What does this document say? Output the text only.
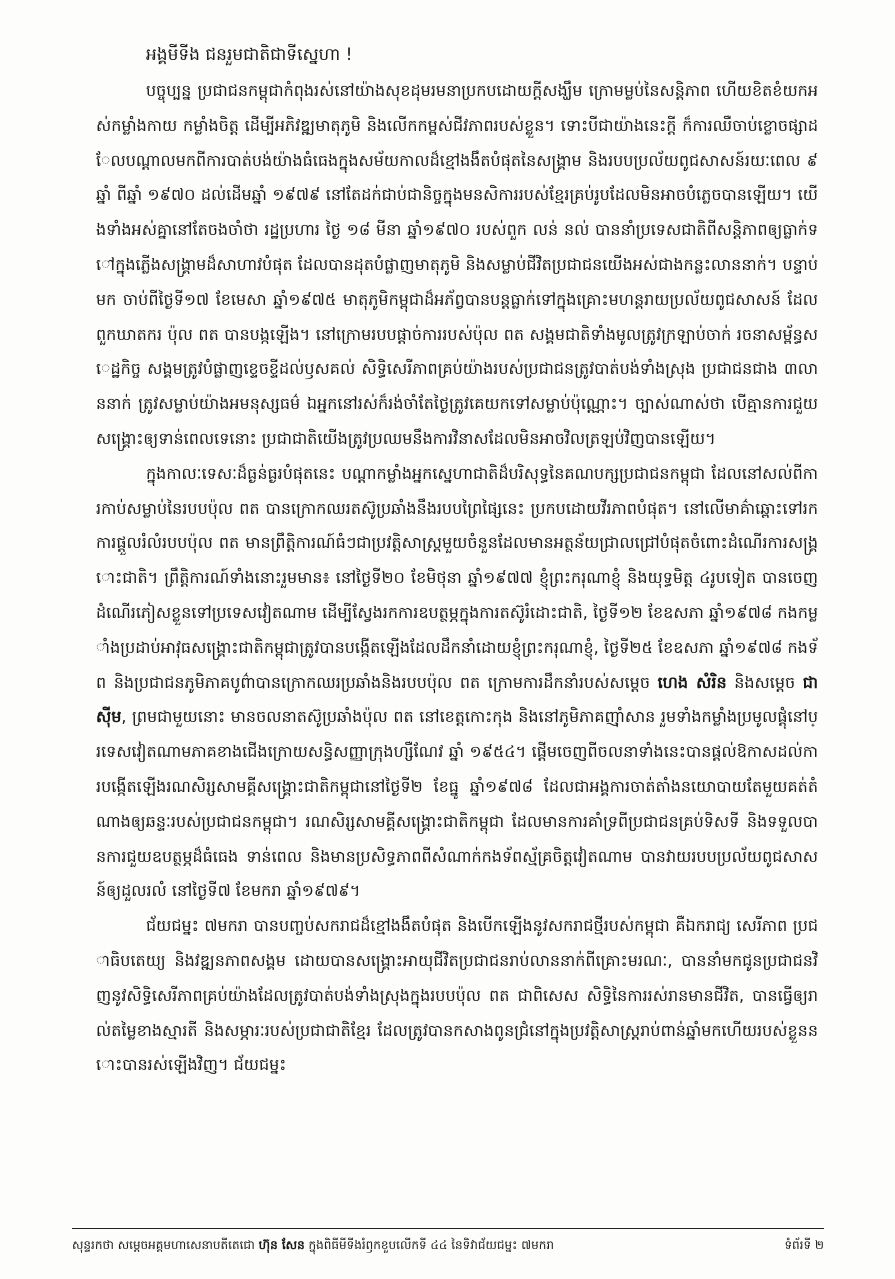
អង្គមីទីង ជនរួមជាតិជាទីស្នេហា !

បច្ចុប្បន្ន ប្រជាជនកម្ពុជាកំពុងរស់នៅយ៉ាងសុខដុមរមនាប្រកបដោយក្ដីសង្ឃឹម ក្រោមម្លប់នៃសន្តិភាព ហើយខិតខំយកអស់កម្លាំងកាយ កម្លាំងចិត្ត ដើម្បីអភិវឌ្ឍមាតុភូមិ និងលើកកម្ពស់ជីវភាពរបស់ខ្លួន។ ទោះបីជាយ៉ាងនេះក្តី ក៏ការឈឺចាប់ខ្លោចផ្សាដែលបណ្ដាលមកពីការបាត់បង់យ៉ាងធំធេងក្នុងសម័យកាលដ៏ខ្មៅងងឹតបំផុតនៃសង្គ្រាម និងរបបប្រល័យពូជសាសន៍រយៈពេល ៩ឆ្នាំ ពីឆ្នាំ ១៩៧០ ដល់ដើមឆ្នាំ ១៩៧៩ នៅតែដក់ជាប់ជានិច្ចក្នុងមនសិការរបស់ខ្មែរគ្រប់រូបដែលមិនអាចបំភ្លេចបានឡើយ។ យើងទាំងអស់គ្នានៅតែចងចាំថា រដ្ឋប្រហារ ថ្ងៃ ១៨ មីនា ឆ្នាំ១៩៧០ របស់ពួក លន់ នល់ បាននាំប្រទេសជាតិពីសន្តិភាពឲ្យធ្លាក់ទៅក្នុងភ្លើងសង្គ្រាមដ៏សាហាវបំផុត ដែលបានដុតបំផ្លាញមាតុភូមិ និងសម្លាប់ជីវិតប្រជាជនយើងអស់ជាងកន្លះលាននាក់។ បន្ទាប់មក ចាប់ពីថ្ងៃទី១៧ ខែមេសា ឆ្នាំ១៩៧៥ មាតុភូមិកម្ពុជាដ៏អភ័ព្វបានបន្តធ្លាក់ទៅក្នុងគ្រោះមហន្តរាយប្រល័យពូជសាសន៍ ដែលពួកឃាតករ ប៉ុល ពត បានបង្កឡើង។ នៅក្រោមរបបផ្ដាច់ការរបស់ប៉ុល ពត សង្គមជាតិទាំងមូលត្រូវក្រឡាប់ចាក់ រចនាសម្ព័ន្ធសេដ្ឋកិច្ច សង្គមត្រូវបំផ្លាញខ្ទេចខ្ទីដល់ឫសគល់ សិទ្ធិសេរីភាពគ្រប់យ៉ាងរបស់ប្រជាជនត្រូវបាត់បង់ទាំងស្រុង ប្រជាជនជាង ៣លាននាក់ ត្រូវសម្លាប់យ៉ាងអមនុស្សធម៌ ឯអ្នកនៅរស់ក៏រង់ចាំតែថ្ងៃត្រូវគេយកទៅសម្លាប់ប៉ុណ្ណោះ។ ច្បាស់ណាស់ថា បើគ្មានការជួយសង្គ្រោះឲ្យទាន់ពេលទេនោះ ប្រជាជាតិយើងត្រូវប្រឈមនឹងការវិនាសដែលមិនអាចវិលត្រឡប់វិញបានឡើយ។

ក្នុងកាលៈទេសៈដ៏ធ្ងន់ធ្ងរបំផុតនេះ បណ្ដាកម្លាំងអ្នកស្នេហាជាតិដ៏បរិសុទ្ធនៃគណបក្សប្រជាជនកម្ពុជា ដែលនៅសល់ពីការកាប់សម្លាប់នៃរបបប៉ុល ពត បានក្រោកឈរតស៊ូប្រឆាំងនឹងរបបព្រៃផ្សៃនេះ ប្រកបដោយវីរភាពបំផុត។ នៅលើមាគ៌ាឆ្ពោះទៅរកការផ្ដួលរំលំរបបប៉ុល ពត មានព្រឹត្តិការណ៍ធំៗជាប្រវត្តិសាស្ត្រមួយចំនួនដែលមានអត្ថន័យជ្រាលជ្រៅបំផុតចំពោះដំណើរការសង្គ្រោះជាតិ។ ព្រឹត្តិការណ៍ទាំងនោះរួមមាន៖ នៅថ្ងៃទី២០ ខែមិថុនា ឆ្នាំ១៩៧៧ ខ្ញុំព្រះករុណាខ្ញុំ និងយុទ្ធមិត្ត ៤រូបទៀត បានចេញដំណើរភៀសខ្លួនទៅប្រទេសវៀតណាម ដើម្បីស្វែងរកការឧបត្ថម្ភក្នុងការតស៊ូរំដោះជាតិ, ថ្ងៃទី១២ ខែឧសភា ឆ្នាំ១៩៧៨ កងកម្លាំងប្រដាប់អាវុធសង្គ្រោះជាតិកម្ពុជាត្រូវបានបង្កើតឡើងដែលដឹកនាំដោយខ្ញុំព្រះករុណាខ្ញុំ, ថ្ងៃទី២៥ ខែឧសភា ឆ្នាំ១៩៧៨ កងទ័ព និងប្រជាជនភូមិភាគបូព៌ាបានក្រោកឈរប្រឆាំងនិងរបបប៉ុល ពត ក្រោមការដឹកនាំរបស់សម្ដេច ហេង សំរិន និងសម្ដេច ជា ស៊ីម, ព្រមជាមួយនោះ មានចលនាតស៊ូប្រឆាំងប៉ុល ពត នៅខេត្តកោះកុង និងនៅភូមិភាគញ៉ាំសាន រួមទាំងកម្លាំងប្រមូលផ្ដុំនៅប្រទេសវៀតណាមភាគខាងជើងក្រោយសន្ធិសញ្ញាក្រុងហ្សឺណែវ ឆ្នាំ ១៩៥៤។ ផ្ដើមចេញពីចលនាទាំងនេះបានផ្ដល់ឱកាសដល់ការបង្កើតឡើងរណសិរ្សសាមគ្គីសង្គ្រោះជាតិកម្ពុជានៅថ្ងៃទី២ ខែធ្នូ ឆ្នាំ១៩៧៨ ដែលជាអង្គការចាត់តាំងនយោបាយតែមួយគត់តំណាងឲ្យឆន្ទៈរបស់ប្រជាជនកម្ពុជា។ រណសិរ្សសាមគ្គីសង្គ្រោះជាតិកម្ពុជា ដែលមានការគាំទ្រពីប្រជាជនគ្រប់ទិសទី និងទទួលបានការជួយឧបត្ថម្ភដ៏ធំធេង ទាន់ពេល និងមានប្រសិទ្ធភាពពីសំណាក់កងទ័ពស្ម័គ្រចិត្តវៀតណាម បានវាយរបបប្រល័យពូជសាសន៍ឲ្យដួលរលំ នៅថ្ងៃទី៧ ខែមករា ឆ្នាំ១៩៧៩។

ជ័យជម្នះ ៧មករា បានបញ្ចប់សករាជដ៏ខ្មៅងងឹតបំផុត និងបើកឡើងនូវសករាជថ្មីរបស់កម្ពុជា គឺឯករាជ្យ សេរីភាព ប្រជាធិបតេយ្យ និងវឌ្ឍនភាពសង្គម ដោយបានសង្គ្រោះអាយុជីវិតប្រជាជនរាប់លាននាក់ពីគ្រោះមរណៈ, បាននាំមកជូនប្រជាជនវិញនូវសិទ្ធិសេរីភាពគ្រប់យ៉ាងដែលត្រូវបាត់បង់ទាំងស្រុងក្នុងរបបប៉ុល ពត ជាពិសេស សិទ្ធិនៃការរស់រានមានជីវិត, បានធ្វើឲ្យរាល់តម្លៃខាងស្មារតី និងសម្ភារៈរបស់ប្រជាជាតិខ្មែរ ដែលត្រូវបានកសាងពូនជ្រំនៅក្នុងប្រវត្តិសាស្ត្ររាប់ពាន់ឆ្នាំមកហើយរបស់ខ្លួននោះបានរស់ឡើងវិញ។ ជ័យជម្នះ

សុន្ទរកថា សម្ដេចអគ្គមហាសេនាបតីតេជោ ហ៊ុន សែន ក្នុងពិធីមីទីងរំឭកខួបលើកទី ៤៤ នៃទិវាជ័យជម្នះ ៧មករា	ទំព័រទី ២
